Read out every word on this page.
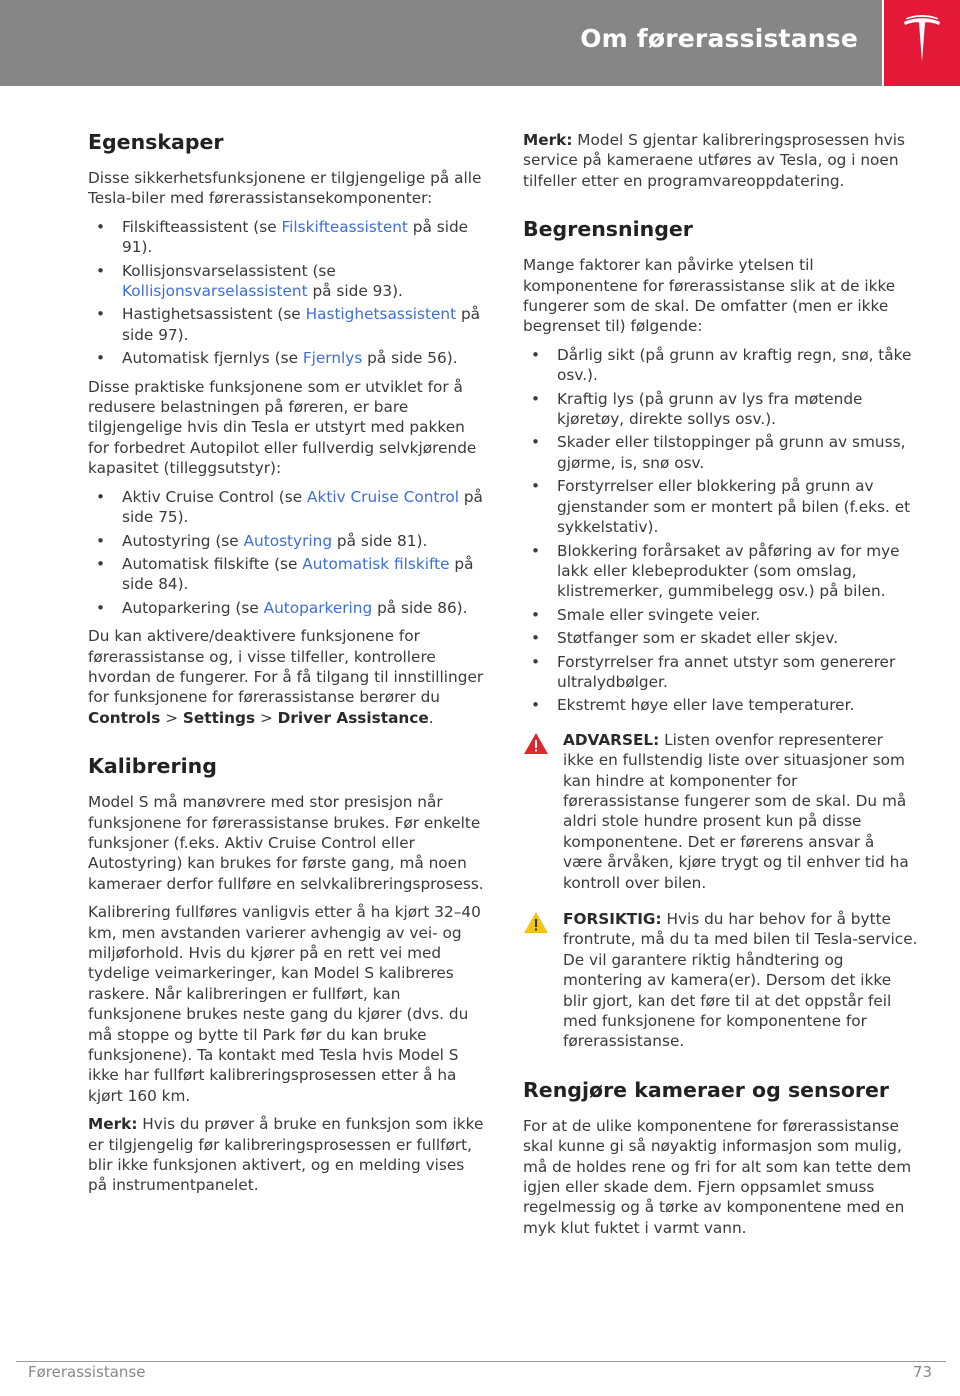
Om førerassistanse
Egenskaper

Disse sikkerhetsfunksjonene er tilgjengelige på alle Tesla-biler med førerassistansekomponenter:

• Filskifteassistent (se Filskifteassistent på side 91).
• Kollisjonsvarselassistent (se Kollisjonsvarselassistent på side 93).
• Hastighetsassistent (se Hastighetsassistent på side 97).
• Automatisk fjernlys (se Fjernlys på side 56).

Disse praktiske funksjonene som er utviklet for å redusere belastningen på føreren, er bare tilgjengelige hvis din Tesla er utstyrt med pakken for forbedret Autopilot eller fullverdig selvkjørende kapasitet (tilleggsutstyr):

• Aktiv Cruise Control (se Aktiv Cruise Control på side 75).
• Autostyring (se Autostyring på side 81).
• Automatisk filskifte (se Automatisk filskifte på side 84).
• Autoparkering (se Autoparkering på side 86).

Du kan aktivere/deaktivere funksjonene for førerassistanse og, i visse tilfeller, kontrollere hvordan de fungerer. For å få tilgang til innstillinger for funksjonene for førerassistanse berører du Controls > Settings > Driver Assistance.

Kalibrering

Model S må manøvrere med stor presisjon når funksjonene for førerassistanse brukes. Før enkelte funksjoner (f.eks. Aktiv Cruise Control eller Autostyring) kan brukes for første gang, må noen kameraer derfor fullføre en selvkalibreringsprosess.

Kalibrering fullføres vanligvis etter å ha kjørt 32–40 km, men avstanden varierer avhengig av vei- og miljøforhold. Hvis du kjører på en rett vei med tydelige veimarkeringer, kan Model S kalibreres raskere. Når kalibreringen er fullført, kan funksjonene brukes neste gang du kjører (dvs. du må stoppe og bytte til Park før du kan bruke funksjonene). Ta kontakt med Tesla hvis Model S ikke har fullført kalibreringsprosessen etter å ha kjørt 160 km.

Merk: Hvis du prøver å bruke en funksjon som ikke er tilgjengelig før kalibreringsprosessen er fullført, blir ikke funksjonen aktivert, og en melding vises på instrumentpanelet.

Merk: Model S gjentar kalibreringsprosessen hvis service på kameraene utføres av Tesla, og i noen tilfeller etter en programvareoppdatering.

Begrensninger

Mange faktorer kan påvirke ytelsen til komponentene for førerassistanse slik at de ikke fungerer som de skal. De omfatter (men er ikke begrenset til) følgende:

• Dårlig sikt (på grunn av kraftig regn, snø, tåke osv.).
• Kraftig lys (på grunn av lys fra møtende kjøretøy, direkte sollys osv.).
• Skader eller tilstoppinger på grunn av smuss, gjørme, is, snø osv.
• Forstyrrelser eller blokkering på grunn av gjenstander som er montert på bilen (f.eks. et sykkelstativ).
• Blokkering forårsaket av påføring av for mye lakk eller klebeprodukter (som omslag, klistremerker, gummibelegg osv.) på bilen.
• Smale eller svingete veier.
• Støtfanger som er skadet eller skjev.
• Forstyrrelser fra annet utstyr som genererer ultralydbølger.
• Ekstremt høye eller lave temperaturer.
ADVARSEL: Listen ovenfor representerer ikke en fullstendig liste over situasjoner som kan hindre at komponenter for førerassistanse fungerer som de skal. Du må aldri stole hundre prosent kun på disse komponentene. Det er førerens ansvar å være årvåken, kjøre trygt og til enhver tid ha kontroll over bilen.
FORSIKTIG: Hvis du har behov for å bytte frontrute, må du ta med bilen til Tesla-service. De vil garantere riktig håndtering og montering av kamera(er). Dersom det ikke blir gjort, kan det føre til at det oppstår feil med funksjonene for komponentene for førerassistanse.
Rengjøre kameraer og sensorer

For at de ulike komponentene for førerassistanse skal kunne gi så nøyaktig informasjon som mulig, må de holdes rene og fri for alt som kan tette dem igjen eller skade dem. Fjern oppsamlet smuss regelmessig og å tørke av komponentene med en myk klut fuktet i varmt vann.

Førerassistanse	73
